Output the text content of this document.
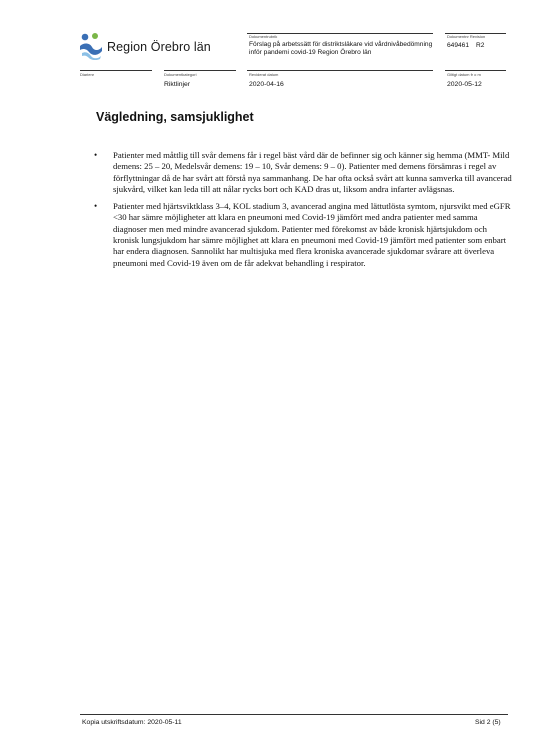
Region Örebro län
Dokumentrubrik
Förslag på arbetssätt för distriktsläkare vid vårdnivåbedömning inför pandemi covid-19 Region Örebro län
Dokumentnr Revision
649461 R2
Diarienr	Dokumentkategori
Riktlinjer
Reviderat datum
2020-04-16
Giltigt datum fr o m
2020-05-12
Vägledning, samsjuklighet
• Patienter med måttlig till svår demens får i regel bäst vård där de befinner sig och känner sig hemma (MMT- Mild demens: 25 – 20, Medelsvår demens: 19 – 10, Svår demens: 9 – 0). Patienter med demens försämras i regel av förflyttningar då de har svårt att förstå nya sammanhang. De har ofta också svårt att kunna samverka till avancerad sjukvård, vilket kan leda till att nålar rycks bort och KAD dras ut, liksom andra infarter avlägsnas.
• Patienter med hjärtsviktklass 3–4, KOL stadium 3, avancerad angina med lättutlösta symtom, njursvikt med eGFR <30 har sämre möjligheter att klara en pneumoni med Covid-19 jämfört med andra patienter med samma diagnoser men med mindre avancerad sjukdom. Patienter med förekomst av både kronisk hjärtsjukdom och kronisk lungsjukdom har sämre möjlighet att klara en pneumoni med Covid-19 jämfört med patienter som enbart har endera diagnosen. Sannolikt har multisjuka med flera kroniska avancerade sjukdomar svårare att överleva pneumoni med Covid-19 även om de får adekvat behandling i respirator.
Kopia utskriftsdatum: 2020-05-11	Sid 2 (5)
